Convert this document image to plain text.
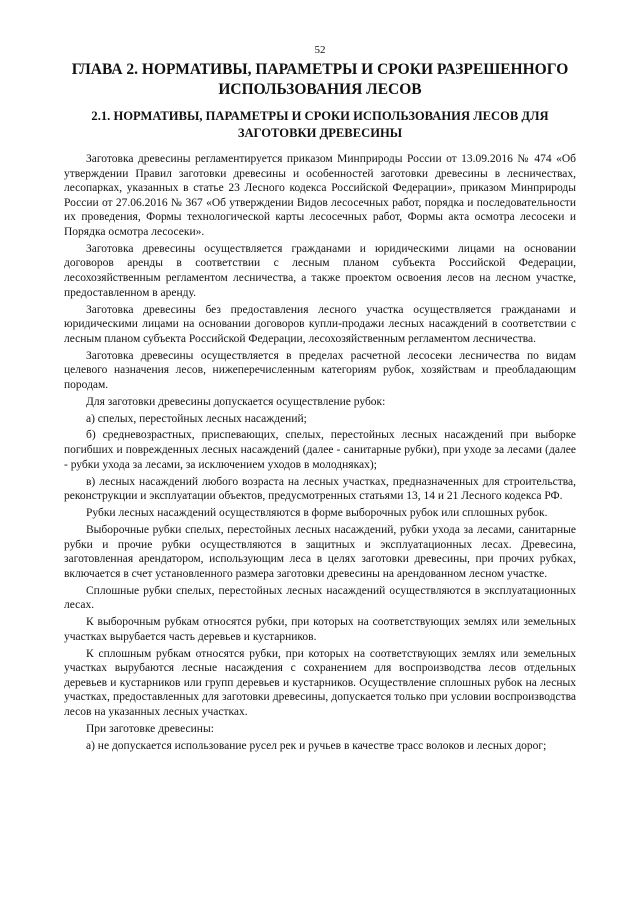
52
ГЛАВА 2. НОРМАТИВЫ, ПАРАМЕТРЫ И СРОКИ РАЗРЕШЕННОГО ИСПОЛЬЗОВАНИЯ ЛЕСОВ
2.1. НОРМАТИВЫ, ПАРАМЕТРЫ И СРОКИ ИСПОЛЬЗОВАНИЯ ЛЕСОВ ДЛЯ ЗАГОТОВКИ ДРЕВЕСИНЫ

Заготовка древесины регламентируется приказом Минприроды России от 13.09.2016 № 474 «Об утверждении Правил заготовки древесины и особенностей заготовки древесины в лесничествах, лесопарках, указанных в статье 23 Лесного кодекса Российской Федерации», приказом Минприроды России от 27.06.2016 № 367 «Об утверждении Видов лесосечных работ, порядка и последовательности их проведения, Формы технологической карты лесосечных работ, Формы акта осмотра лесосеки и Порядка осмотра лесосеки».

Заготовка древесины осуществляется гражданами и юридическими лицами на основании договоров аренды в соответствии с лесным планом субъекта Российской Федерации, лесохозяйственным регламентом лесничества, а также проектом освоения лесов на лесном участке, предоставленном в аренду.

Заготовка древесины без предоставления лесного участка осуществляется гражданами и юридическими лицами на основании договоров купли-продажи лесных насаждений в соответствии с лесным планом субъекта Российской Федерации, лесохозяйственным регламентом лесничества.

Заготовка древесины осуществляется в пределах расчетной лесосеки лесничества по видам целевого назначения лесов, нижеперечисленным категориям рубок, хозяйствам и преобладающим породам.

Для заготовки древесины допускается осуществление рубок:

а) спелых, перестойных лесных насаждений;

б) средневозрастных, приспевающих, спелых, перестойных лесных насаждений при выборке погибших и поврежденных лесных насаждений (далее - санитарные рубки), при уходе за лесами (далее - рубки ухода за лесами, за исключением уходов в молодняках);

в) лесных насаждений любого возраста на лесных участках, предназначенных для строительства, реконструкции и эксплуатации объектов, предусмотренных статьями 13, 14 и 21 Лесного кодекса РФ.

Рубки лесных насаждений осуществляются в форме выборочных рубок или сплошных рубок.

Выборочные рубки спелых, перестойных лесных насаждений, рубки ухода за лесами, санитарные рубки и прочие рубки осуществляются в защитных и эксплуатационных лесах. Древесина, заготовленная арендатором, использующим леса в целях заготовки древесины, при прочих рубках, включается в счет установленного размера заготовки древесины на арендованном лесном участке.

Сплошные рубки спелых, перестойных лесных насаждений осуществляются в эксплуатационных лесах.

К выборочным рубкам относятся рубки, при которых на соответствующих землях или земельных участках вырубается часть деревьев и кустарников.

К сплошным рубкам относятся рубки, при которых на соответствующих землях или земельных участках вырубаются лесные насаждения с сохранением для воспроизводства лесов отдельных деревьев и кустарников или групп деревьев и кустарников. Осуществление сплошных рубок на лесных участках, предоставленных для заготовки древесины, допускается только при условии воспроизводства лесов на указанных лесных участках.

При заготовке древесины:

а) не допускается использование русел рек и ручьев в качестве трасс волоков и лесных дорог;
